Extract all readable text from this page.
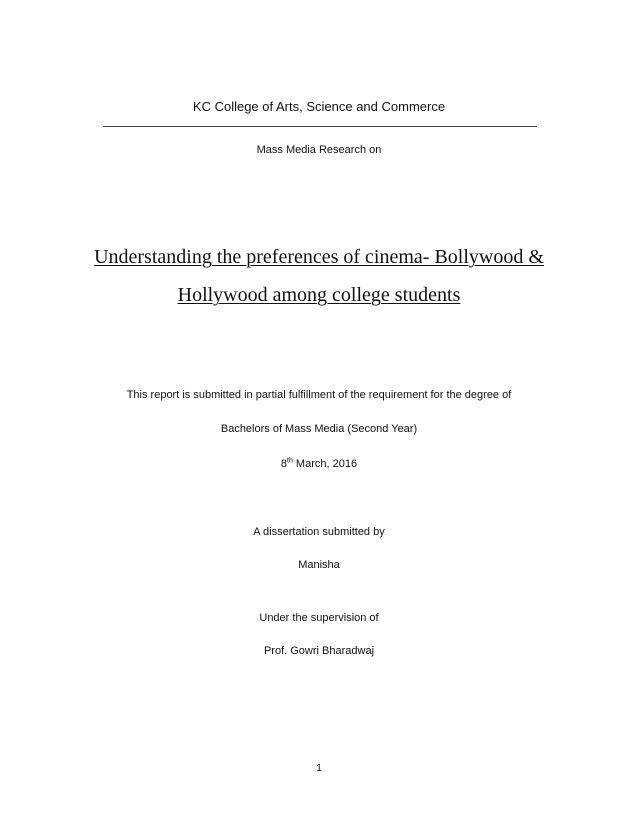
KC College of Arts, Science and Commerce
Mass Media Research on
Understanding the preferences of cinema- Bollywood &
Hollywood among college students
This report is submitted in partial fulfillment of the requirement for the degree of
Bachelors of Mass Media (Second Year)
8th March, 2016
A dissertation submitted by
Manisha
Under the supervision of
Prof. Gowri Bharadwaj
1
